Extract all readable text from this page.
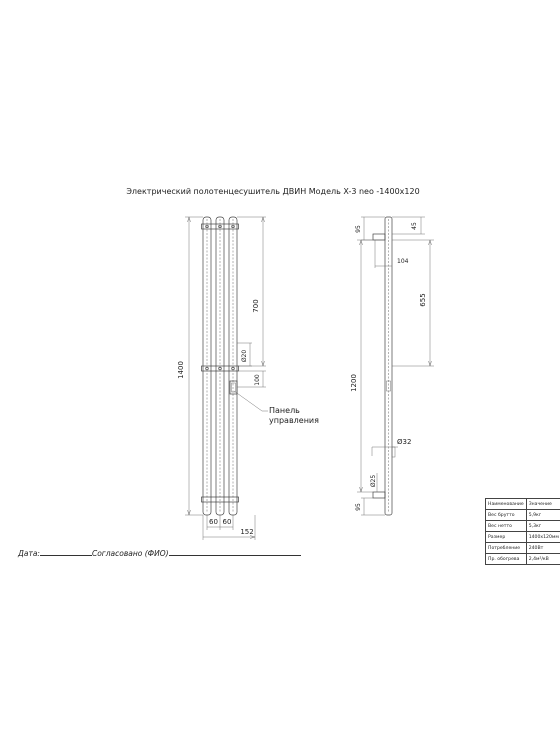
Электрический полотенцесушитель ДВИН Модель X-3 neo -1400х120
1400
700
Ø20
100
60 60
152
Панель
управления
45
95
104
655
1200
Ø32
Ø25
95	Наименование	Значение
Вес брутто	5,9кг
Вес нетто	5,3кг
Размер	1400х120мм
Потребление	240Вт
Пр. обогрева	2,4м²/кВ
Дата:	Согласовано (ФИО)
